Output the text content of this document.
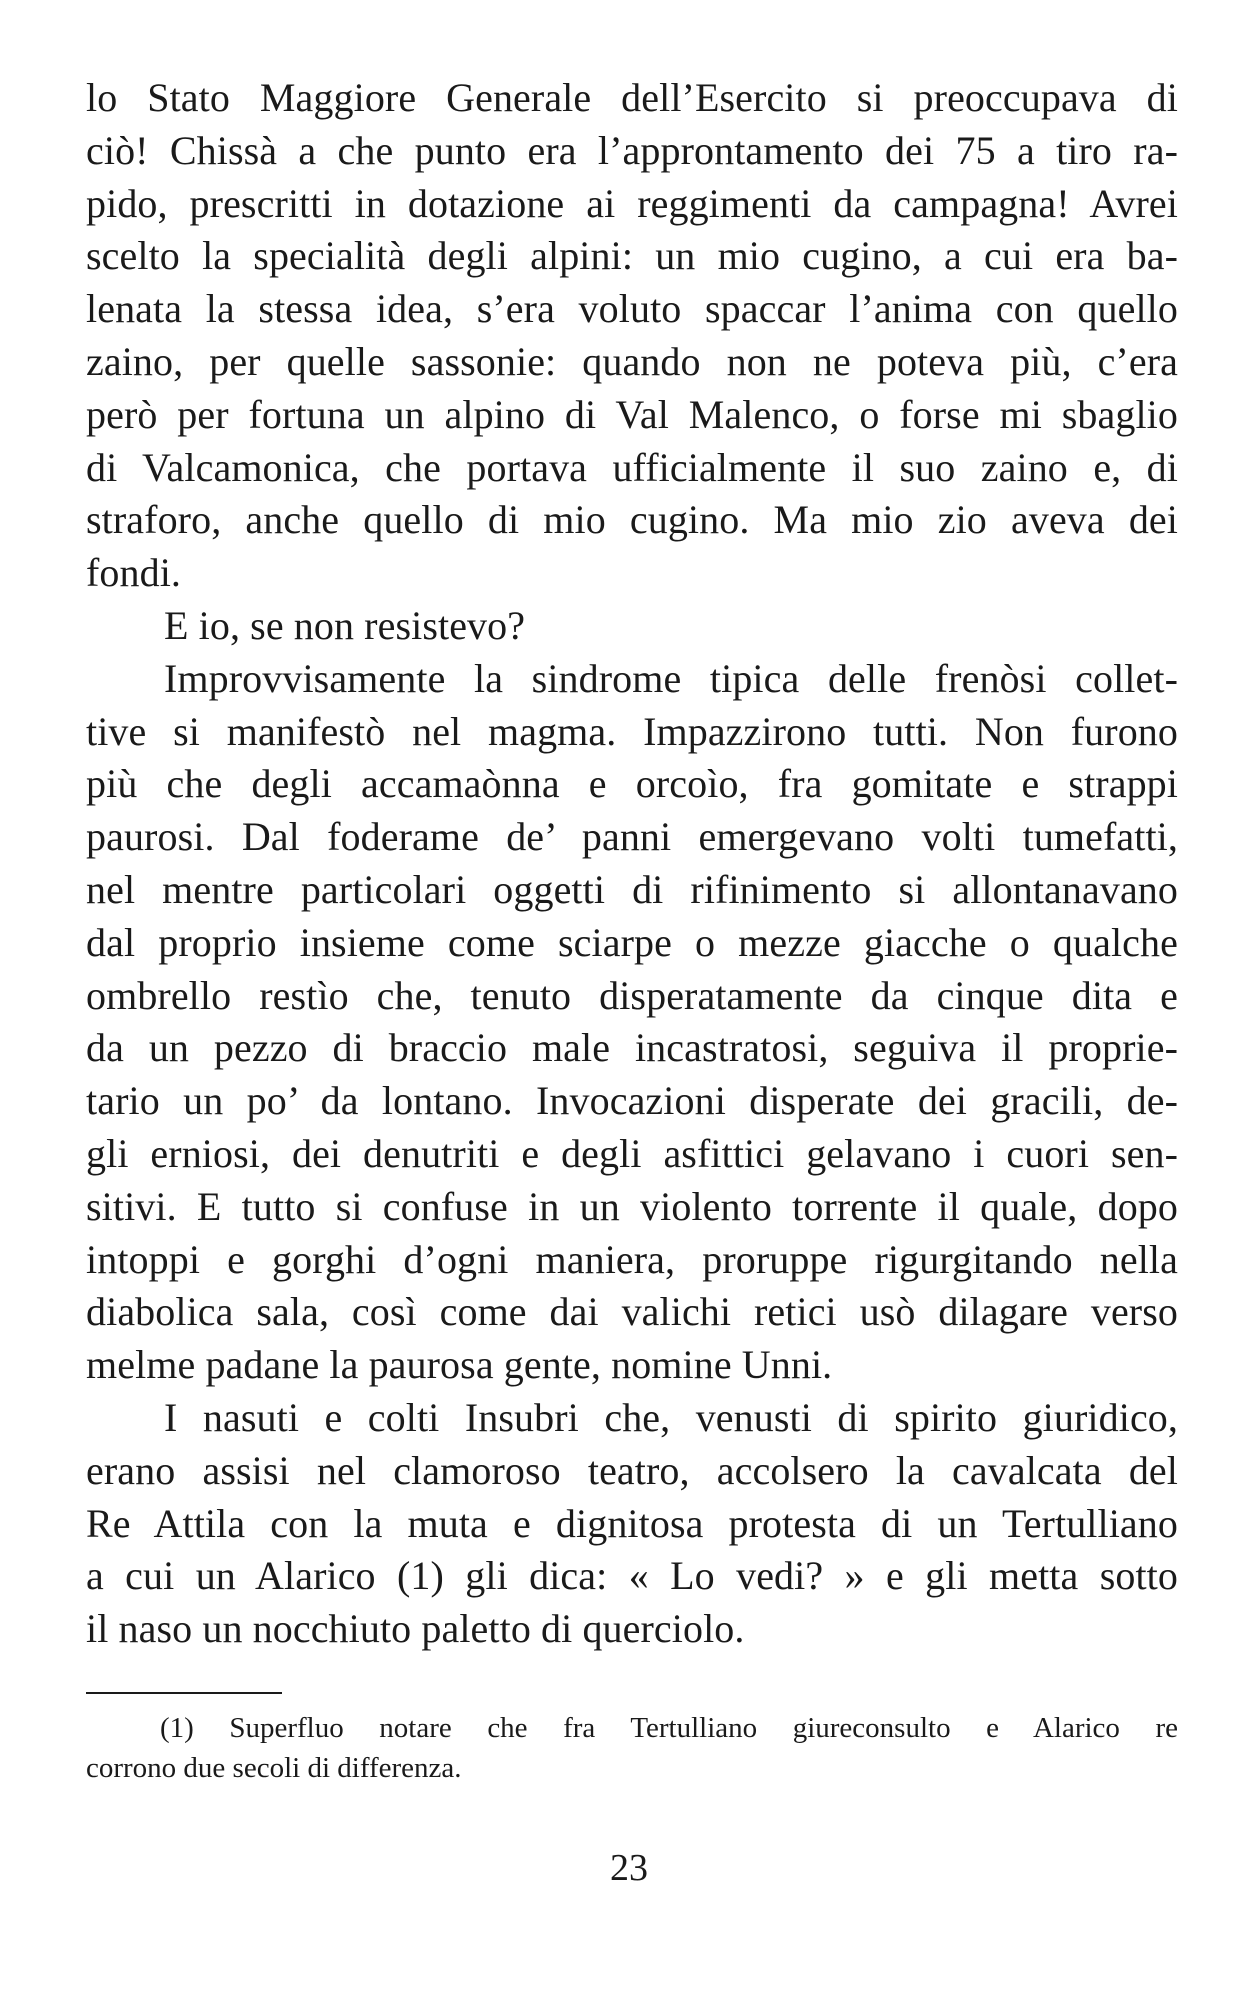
lo Stato Maggiore Generale dell’Esercito si preoccupava di
ciò! Chissà a che punto era l’approntamento dei 75 a tiro ra-
pido, prescritti in dotazione ai reggimenti da campagna! Avrei
scelto la specialità degli alpini: un mio cugino, a cui era ba-
lenata la stessa idea, s’era voluto spaccar l’anima con quello
zaino, per quelle sassonie: quando non ne poteva più, c’era
però per fortuna un alpino di Val Malenco, o forse mi sbaglio
di Valcamonica, che portava ufficialmente il suo zaino e, di
straforo, anche quello di mio cugino. Ma mio zio aveva dei
fondi.
E io, se non resistevo?
Improvvisamente la sindrome tipica delle frenòsi collet-
tive si manifestò nel magma. Impazzirono tutti. Non furono
più che degli accamaònna e orcoìo, fra gomitate e strappi
paurosi. Dal foderame de’ panni emergevano volti tumefatti,
nel mentre particolari oggetti di rifinimento si allontanavano
dal proprio insieme come sciarpe o mezze giacche o qualche
ombrello restìo che, tenuto disperatamente da cinque dita e
da un pezzo di braccio male incastratosi, seguiva il proprie-
tario un po’ da lontano. Invocazioni disperate dei gracili, de-
gli erniosi, dei denutriti e degli asfittici gelavano i cuori sen-
sitivi. E tutto si confuse in un violento torrente il quale, dopo
intoppi e gorghi d’ogni maniera, proruppe rigurgitando nella
diabolica sala, così come dai valichi retici usò dilagare verso
melme padane la paurosa gente, nomine Unni.
I nasuti e colti Insubri che, venusti di spirito giuridico,
erano assisi nel clamoroso teatro, accolsero la cavalcata del
Re Attila con la muta e dignitosa protesta di un Tertulliano
a cui un Alarico (1) gli dica: « Lo vedi? » e gli metta sotto
il naso un nocchiuto paletto di querciolo.
(1) Superfluo notare che fra Tertulliano giureconsulto e Alarico re
corrono due secoli di differenza.
23
